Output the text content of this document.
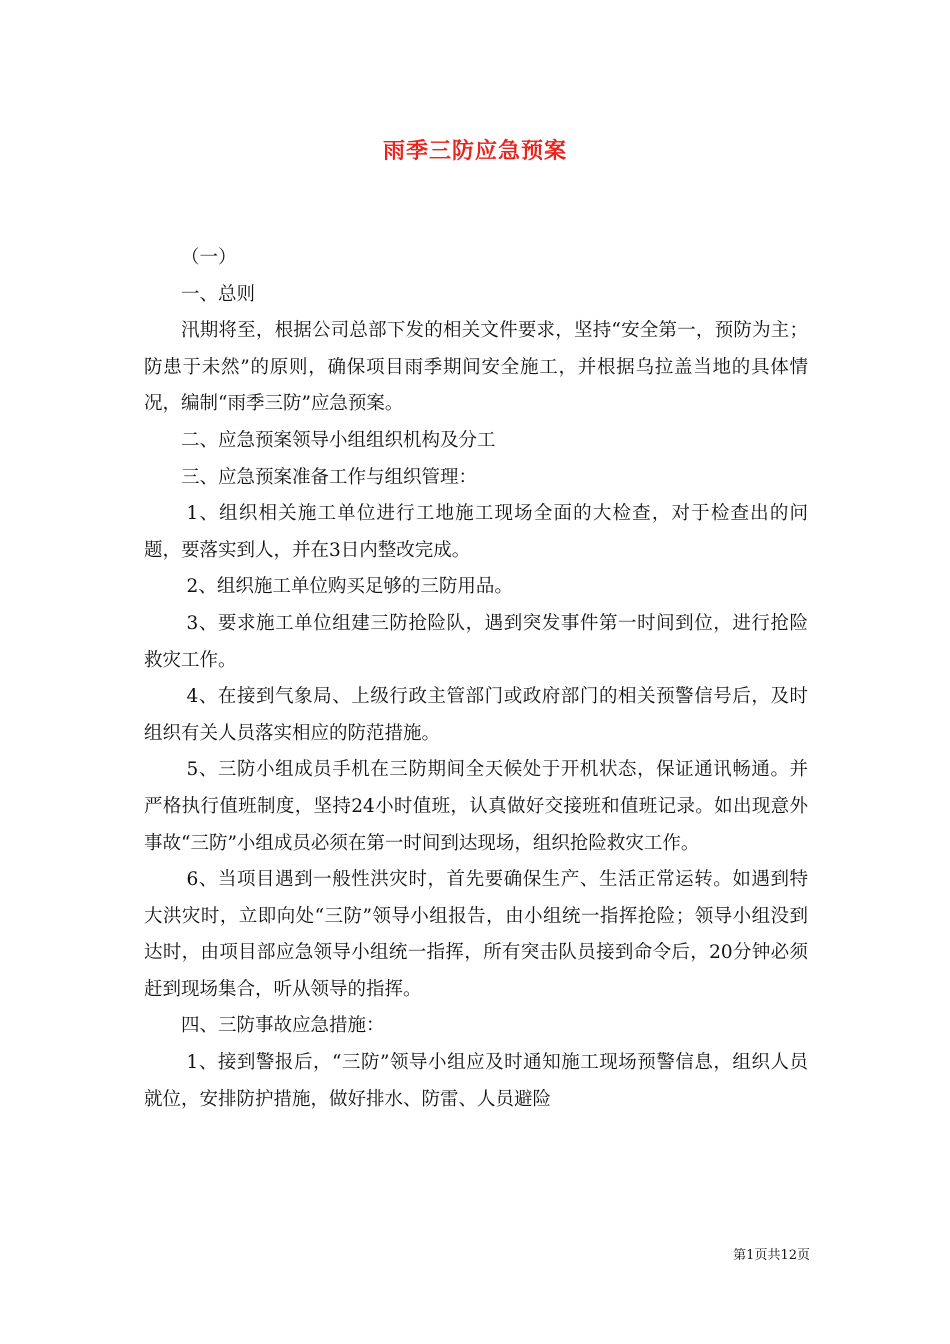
雨季三防应急预案

（一）

一、总则

汛期将至，根据公司总部下发的相关文件要求，坚持“安全第一，预防为主；防患于未然”的原则，确保项目雨季期间安全施工，并根据乌拉盖当地的具体情况，编制“雨季三防”应急预案。

二、应急预案领导小组组织机构及分工

三、应急预案准备工作与组织管理：

1、组织相关施工单位进行工地施工现场全面的大检查，对于检查出的问题，要落实到人，并在3日内整改完成。

2、组织施工单位购买足够的三防用品。

3、要求施工单位组建三防抢险队，遇到突发事件第一时间到位，进行抢险救灾工作。

4、在接到气象局、上级行政主管部门或政府部门的相关预警信号后，及时组织有关人员落实相应的防范措施。

5、三防小组成员手机在三防期间全天候处于开机状态，保证通讯畅通。并严格执行值班制度，坚持24小时值班，认真做好交接班和值班记录。如出现意外事故“三防”小组成员必须在第一时间到达现场，组织抢险救灾工作。

6、当项目遇到一般性洪灾时，首先要确保生产、生活正常运转。如遇到特大洪灾时，立即向处“三防”领导小组报告，由小组统一指挥抢险；领导小组没到达时，由项目部应急领导小组统一指挥，所有突击队员接到命令后，20分钟必须赶到现场集合，听从领导的指挥。

四、三防事故应急措施：

1、接到警报后，“三防”领导小组应及时通知施工现场预警信息，组织人员就位，安排防护措施，做好排水、防雷、人员避险

第1页共12页
